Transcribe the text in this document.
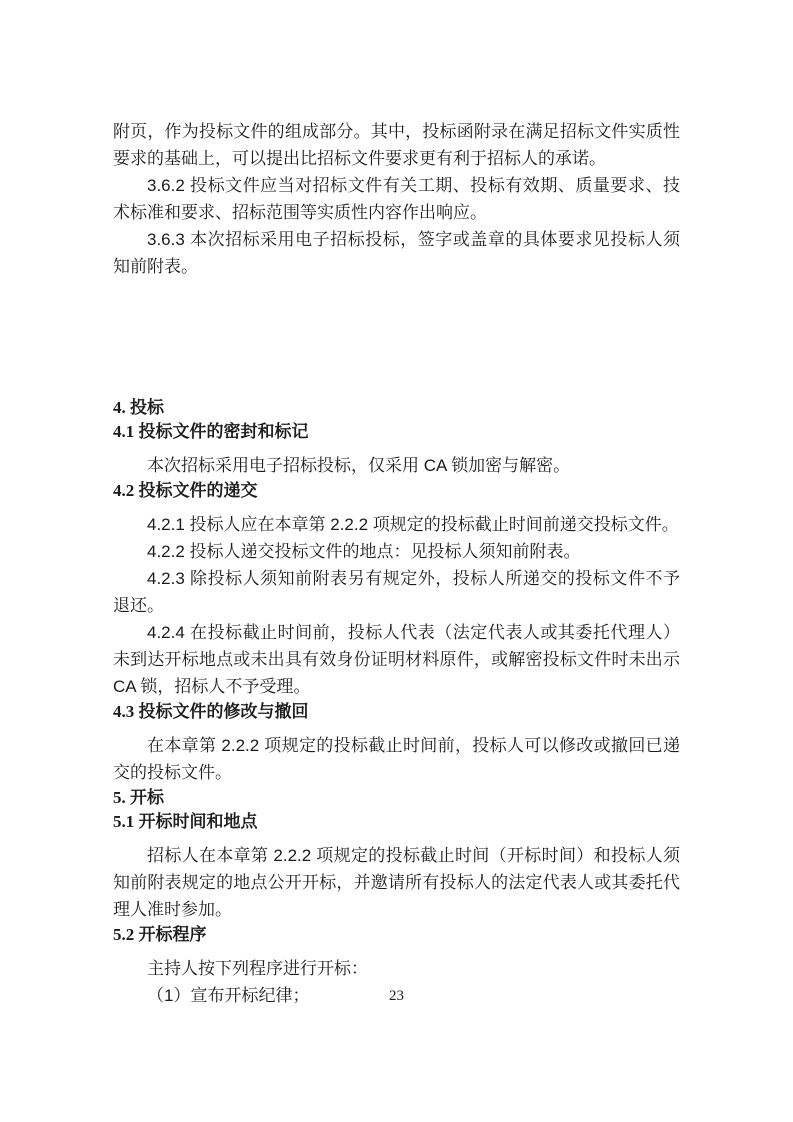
附页，作为投标文件的组成部分。其中，投标函附录在满足招标文件实质性要求的基础上，可以提出比招标文件要求更有利于招标人的承诺。

3.6.2 投标文件应当对招标文件有关工期、投标有效期、质量要求、技术标准和要求、招标范围等实质性内容作出响应。

3.6.3 本次招标采用电子招标投标，签字或盖章的具体要求见投标人须知前附表。

4. 投标

4.1 投标文件的密封和标记

本次招标采用电子招标投标，仅采用 CA 锁加密与解密。

4.2 投标文件的递交

4.2.1 投标人应在本章第 2.2.2 项规定的投标截止时间前递交投标文件。

4.2.2 投标人递交投标文件的地点：见投标人须知前附表。

4.2.3 除投标人须知前附表另有规定外，投标人所递交的投标文件不予退还。

4.2.4 在投标截止时间前，投标人代表（法定代表人或其委托代理人）未到达开标地点或未出具有效身份证明材料原件，或解密投标文件时未出示 CA 锁，招标人不予受理。

4.3 投标文件的修改与撤回

在本章第 2.2.2 项规定的投标截止时间前，投标人可以修改或撤回已递交的投标文件。

5. 开标

5.1 开标时间和地点

招标人在本章第 2.2.2 项规定的投标截止时间（开标时间）和投标人须知前附表规定的地点公开开标，并邀请所有投标人的法定代表人或其委托代理人准时参加。

5.2 开标程序

主持人按下列程序进行开标：

（1）宣布开标纪律；	23
